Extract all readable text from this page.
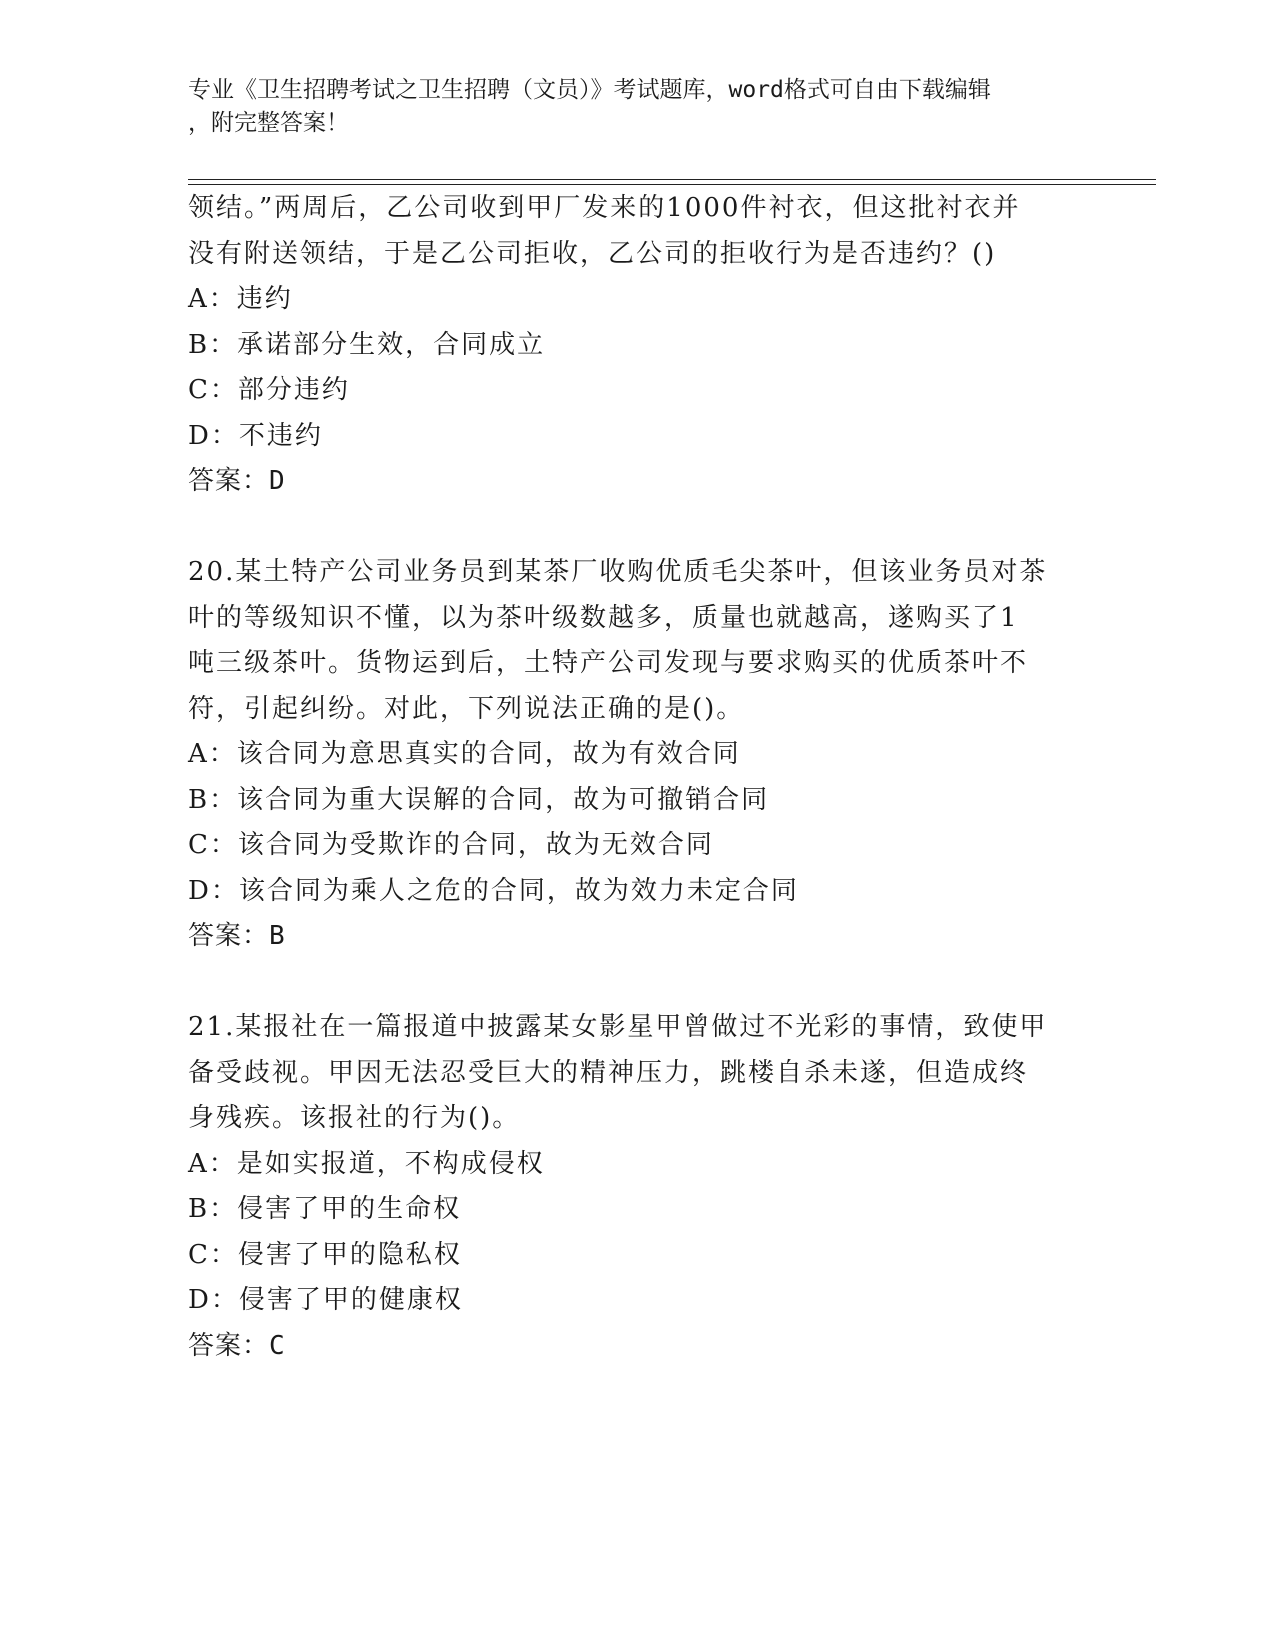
专业《卫生招聘考试之卫生招聘（文员）》考试题库，word格式可自由下载编辑
，附完整答案！
领结。”两周后，乙公司收到甲厂发来的1000件衬衣，但这批衬衣并
没有附送领结，于是乙公司拒收，乙公司的拒收行为是否违约？()
A：违约
B：承诺部分生效，合同成立
C：部分违约
D：不违约
答案：D
20.某土特产公司业务员到某茶厂收购优质毛尖茶叶，但该业务员对茶
叶的等级知识不懂，以为茶叶级数越多，质量也就越高，遂购买了1
吨三级茶叶。货物运到后，土特产公司发现与要求购买的优质茶叶不
符，引起纠纷。对此，下列说法正确的是()。
A：该合同为意思真实的合同，故为有效合同
B：该合同为重大误解的合同，故为可撤销合同
C：该合同为受欺诈的合同，故为无效合同
D：该合同为乘人之危的合同，故为效力未定合同
答案：B
21.某报社在一篇报道中披露某女影星甲曾做过不光彩的事情，致使甲
备受歧视。甲因无法忍受巨大的精神压力，跳楼自杀未遂，但造成终
身残疾。该报社的行为()。
A：是如实报道，不构成侵权
B：侵害了甲的生命权
C：侵害了甲的隐私权
D：侵害了甲的健康权
答案：C
